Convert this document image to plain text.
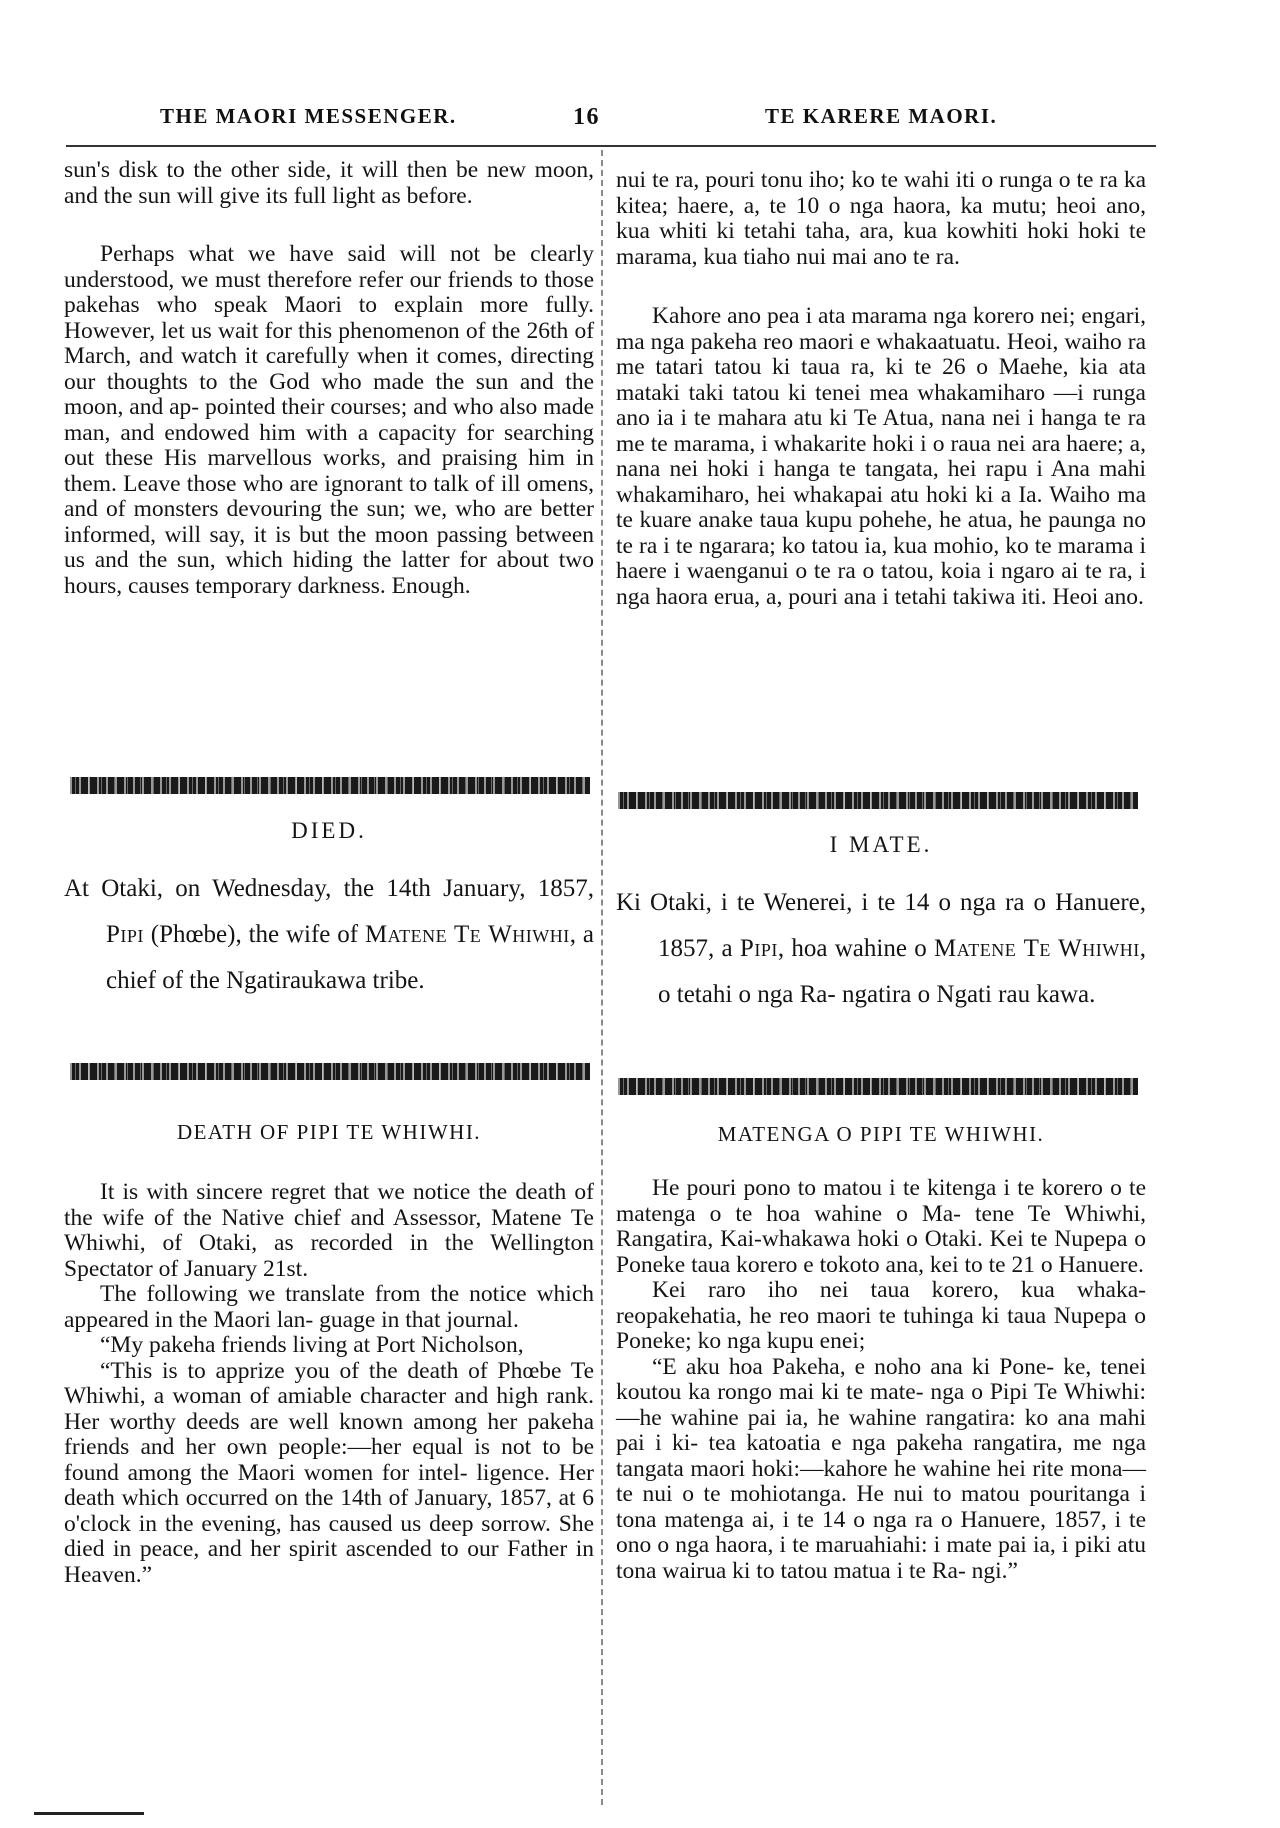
THE MAORI MESSENGER.	16	TE KARERE MAORI.

sun's disk to the other side, it will then be new moon, and the sun will give its full light as before.

Perhaps what we have said will not be clearly understood, we must therefore refer our friends to those pakehas who speak Maori to explain more fully. However, let us wait for this phenomenon of the 26th of March, and watch it carefully when it comes, directing our thoughts to the God who made the sun and the moon, and ap- pointed their courses; and who also made man, and endowed him with a capacity for searching out these His marvellous works, and praising him in them. Leave those who are ignorant to talk of ill omens, and of monsters devouring the sun; we, who are better informed, will say, it is but the moon passing between us and the sun, which hiding the latter for about two hours, causes temporary darkness. Enough.

DIED.

At Otaki, on Wednesday, the 14th January, 1857, Pipi (Phœbe), the wife of Matene Te Whiwhi, a chief of the Ngatiraukawa tribe.

DEATH OF PIPI TE WHIWHI.

It is with sincere regret that we notice the death of the wife of the Native chief and Assessor, Matene Te Whiwhi, of Otaki, as recorded in the Wellington Spectator of January 21st.

The following we translate from the notice which appeared in the Maori lan- guage in that journal.

“My pakeha friends living at Port Nicholson,

“This is to apprize you of the death of Phœbe Te Whiwhi, a woman of amiable character and high rank. Her worthy deeds are well known among her pakeha friends and her own people:—her equal is not to be found among the Maori women for intel- ligence. Her death which occurred on the 14th of January, 1857, at 6 o'clock in the evening, has caused us deep sorrow. She died in peace, and her spirit ascended to our Father in Heaven.”

nui te ra, pouri tonu iho; ko te wahi iti o runga o te ra ka kitea; haere, a, te 10 o nga haora, ka mutu; heoi ano, kua whiti ki tetahi taha, ara, kua kowhiti hoki hoki te marama, kua tiaho nui mai ano te ra.

Kahore ano pea i ata marama nga korero nei; engari, ma nga pakeha reo maori e whakaatuatu. Heoi, waiho ra me tatari tatou ki taua ra, ki te 26 o Maehe, kia ata mataki taki tatou ki tenei mea whakamiharo —i runga ano ia i te mahara atu ki Te Atua, nana nei i hanga te ra me te marama, i whakarite hoki i o raua nei ara haere; a, nana nei hoki i hanga te tangata, hei rapu i Ana mahi whakamiharo, hei whakapai atu hoki ki a Ia. Waiho ma te kuare anake taua kupu pohehe, he atua, he paunga no te ra i te ngarara; ko tatou ia, kua mohio, ko te marama i haere i waenganui o te ra o tatou, koia i ngaro ai te ra, i nga haora erua, a, pouri ana i tetahi takiwa iti. Heoi ano.

I MATE.

Ki Otaki, i te Wenerei, i te 14 o nga ra o Hanuere, 1857, a Pipi, hoa wahine o Matene Te Whiwhi, o tetahi o nga Ra- ngatira o Ngati rau kawa.

MATENGA O PIPI TE WHIWHI.

He pouri pono to matou i te kitenga i te korero o te matenga o te hoa wahine o Ma- tene Te Whiwhi, Rangatira, Kai-whakawa hoki o Otaki. Kei te Nupepa o Poneke taua korero e tokoto ana, kei to te 21 o Hanuere.

Kei raro iho nei taua korero, kua whaka- reopakehatia, he reo maori te tuhinga ki taua Nupepa o Poneke; ko nga kupu enei;

“E aku hoa Pakeha, e noho ana ki Pone- ke, tenei koutou ka rongo mai ki te mate- nga o Pipi Te Whiwhi:—he wahine pai ia, he wahine rangatira: ko ana mahi pai i ki- tea katoatia e nga pakeha rangatira, me nga tangata maori hoki:—kahore he wahine hei rite mona—te nui o te mohiotanga. He nui to matou pouritanga i tona matenga ai, i te 14 o nga ra o Hanuere, 1857, i te ono o nga haora, i te maruahiahi: i mate pai ia, i piki atu tona wairua ki to tatou matua i te Ra- ngi.”
